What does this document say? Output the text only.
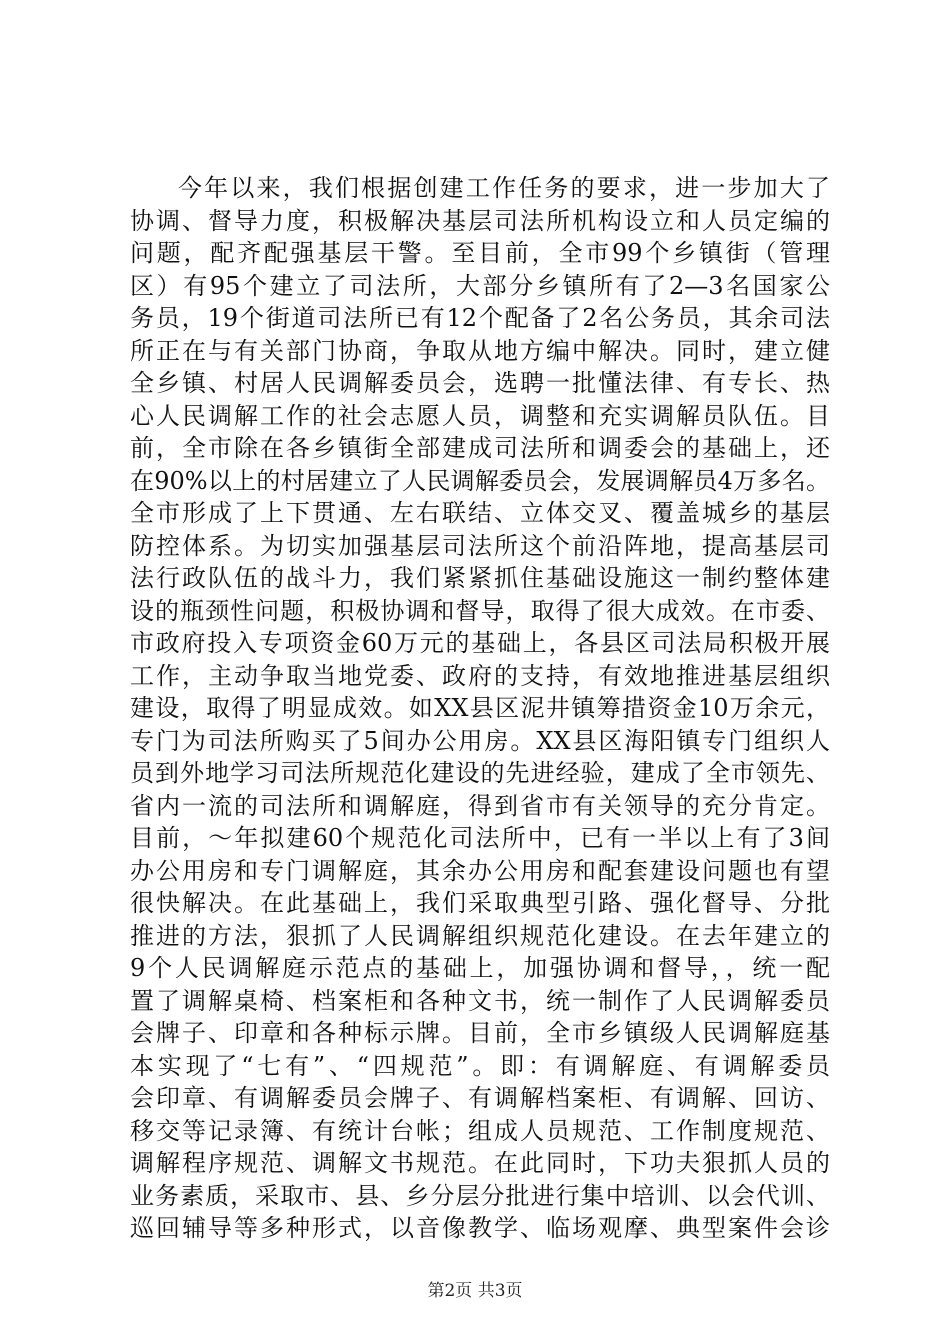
今年以来，我们根据创建工作任务的要求，进一步加大了
协调、督导力度，积极解决基层司法所机构设立和人员定编的
问题，配齐配强基层干警。至目前，全市99个乡镇街（管理
区）有95个建立了司法所，大部分乡镇所有了2—3名国家公
务员，19个街道司法所已有12个配备了2名公务员，其余司法
所正在与有关部门协商，争取从地方编中解决。同时，建立健
全乡镇、村居人民调解委员会，选聘一批懂法律、有专长、热
心人民调解工作的社会志愿人员，调整和充实调解员队伍。目
前，全市除在各乡镇街全部建成司法所和调委会的基础上，还
在90%以上的村居建立了人民调解委员会，发展调解员4万多名。
全市形成了上下贯通、左右联结、立体交叉、覆盖城乡的基层
防控体系。为切实加强基层司法所这个前沿阵地，提高基层司
法行政队伍的战斗力，我们紧紧抓住基础设施这一制约整体建
设的瓶颈性问题，积极协调和督导，取得了很大成效。在市委、
市政府投入专项资金60万元的基础上，各县区司法局积极开展
工作，主动争取当地党委、政府的支持，有效地推进基层组织
建设，取得了明显成效。如XX县区泥井镇筹措资金10万余元，
专门为司法所购买了5间办公用房。XX县区海阳镇专门组织人
员到外地学习司法所规范化建设的先进经验，建成了全市领先、
省内一流的司法所和调解庭，得到省市有关领导的充分肯定。
目前，～年拟建60个规范化司法所中，已有一半以上有了3间
办公用房和专门调解庭，其余办公用房和配套建设问题也有望
很快解决。在此基础上，我们采取典型引路、强化督导、分批
推进的方法，狠抓了人民调解组织规范化建设。在去年建立的
9个人民调解庭示范点的基础上，加强协调和督导，，统一配
置了调解桌椅、档案柜和各种文书，统一制作了人民调解委员
会牌子、印章和各种标示牌。目前，全市乡镇级人民调解庭基
本实现了“七有”、“四规范”。即：有调解庭、有调解委员
会印章、有调解委员会牌子、有调解档案柜、有调解、回访、
移交等记录簿、有统计台帐；组成人员规范、工作制度规范、
调解程序规范、调解文书规范。在此同时，下功夫狠抓人员的
业务素质，采取市、县、乡分层分批进行集中培训、以会代训、
巡回辅导等多种形式，以音像教学、临场观摩、典型案件会诊
第2页 共3页
